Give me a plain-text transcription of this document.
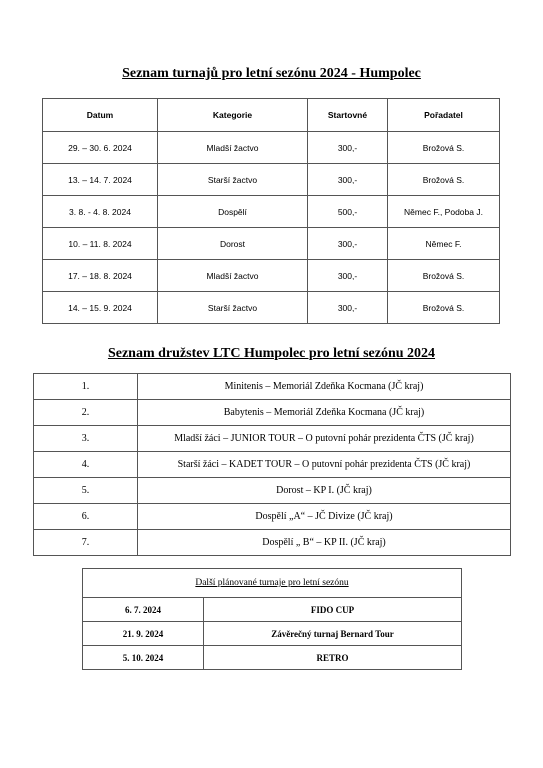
Seznam turnajů pro letní sezónu 2024 - Humpolec
Datum	Kategorie	Startovné	Pořadatel
29. – 30. 6. 2024	Mladší žactvo	300,-	Brožová S.
13. – 14. 7. 2024	Starší žactvo	300,-	Brožová S.
3. 8. - 4. 8. 2024	Dospělí	500,-	Němec F., Podoba J.
10. – 11. 8. 2024	Dorost	300,-	Němec F.
17. – 18. 8. 2024	Mladší žactvo	300,-	Brožová S.
14. – 15. 9. 2024	Starší žactvo	300,-	Brožová S.
Seznam družstev LTC Humpolec pro letní sezónu 2024
1.	Minitenis – Memoriál Zdeňka Kocmana (JČ kraj)
2.	Babytenis – Memoriál Zdeňka Kocmana (JČ kraj)
3.	Mladší žáci – JUNIOR TOUR – O putovní pohár prezidenta ČTS (JČ kraj)
4.	Starší žáci – KADET TOUR – O putovní pohár prezidenta ČTS (JČ kraj)
5.	Dorost – KP I. (JČ kraj)
6.	Dospělí „A“ – JČ Divize (JČ kraj)
7.	Dospělí „ B“ – KP II. (JČ kraj)
Další plánované turnaje pro letní sezónu	
6. 7. 2024	FIDO CUP
21. 9. 2024	Závěrečný turnaj Bernard Tour
5. 10. 2024	RETRO
